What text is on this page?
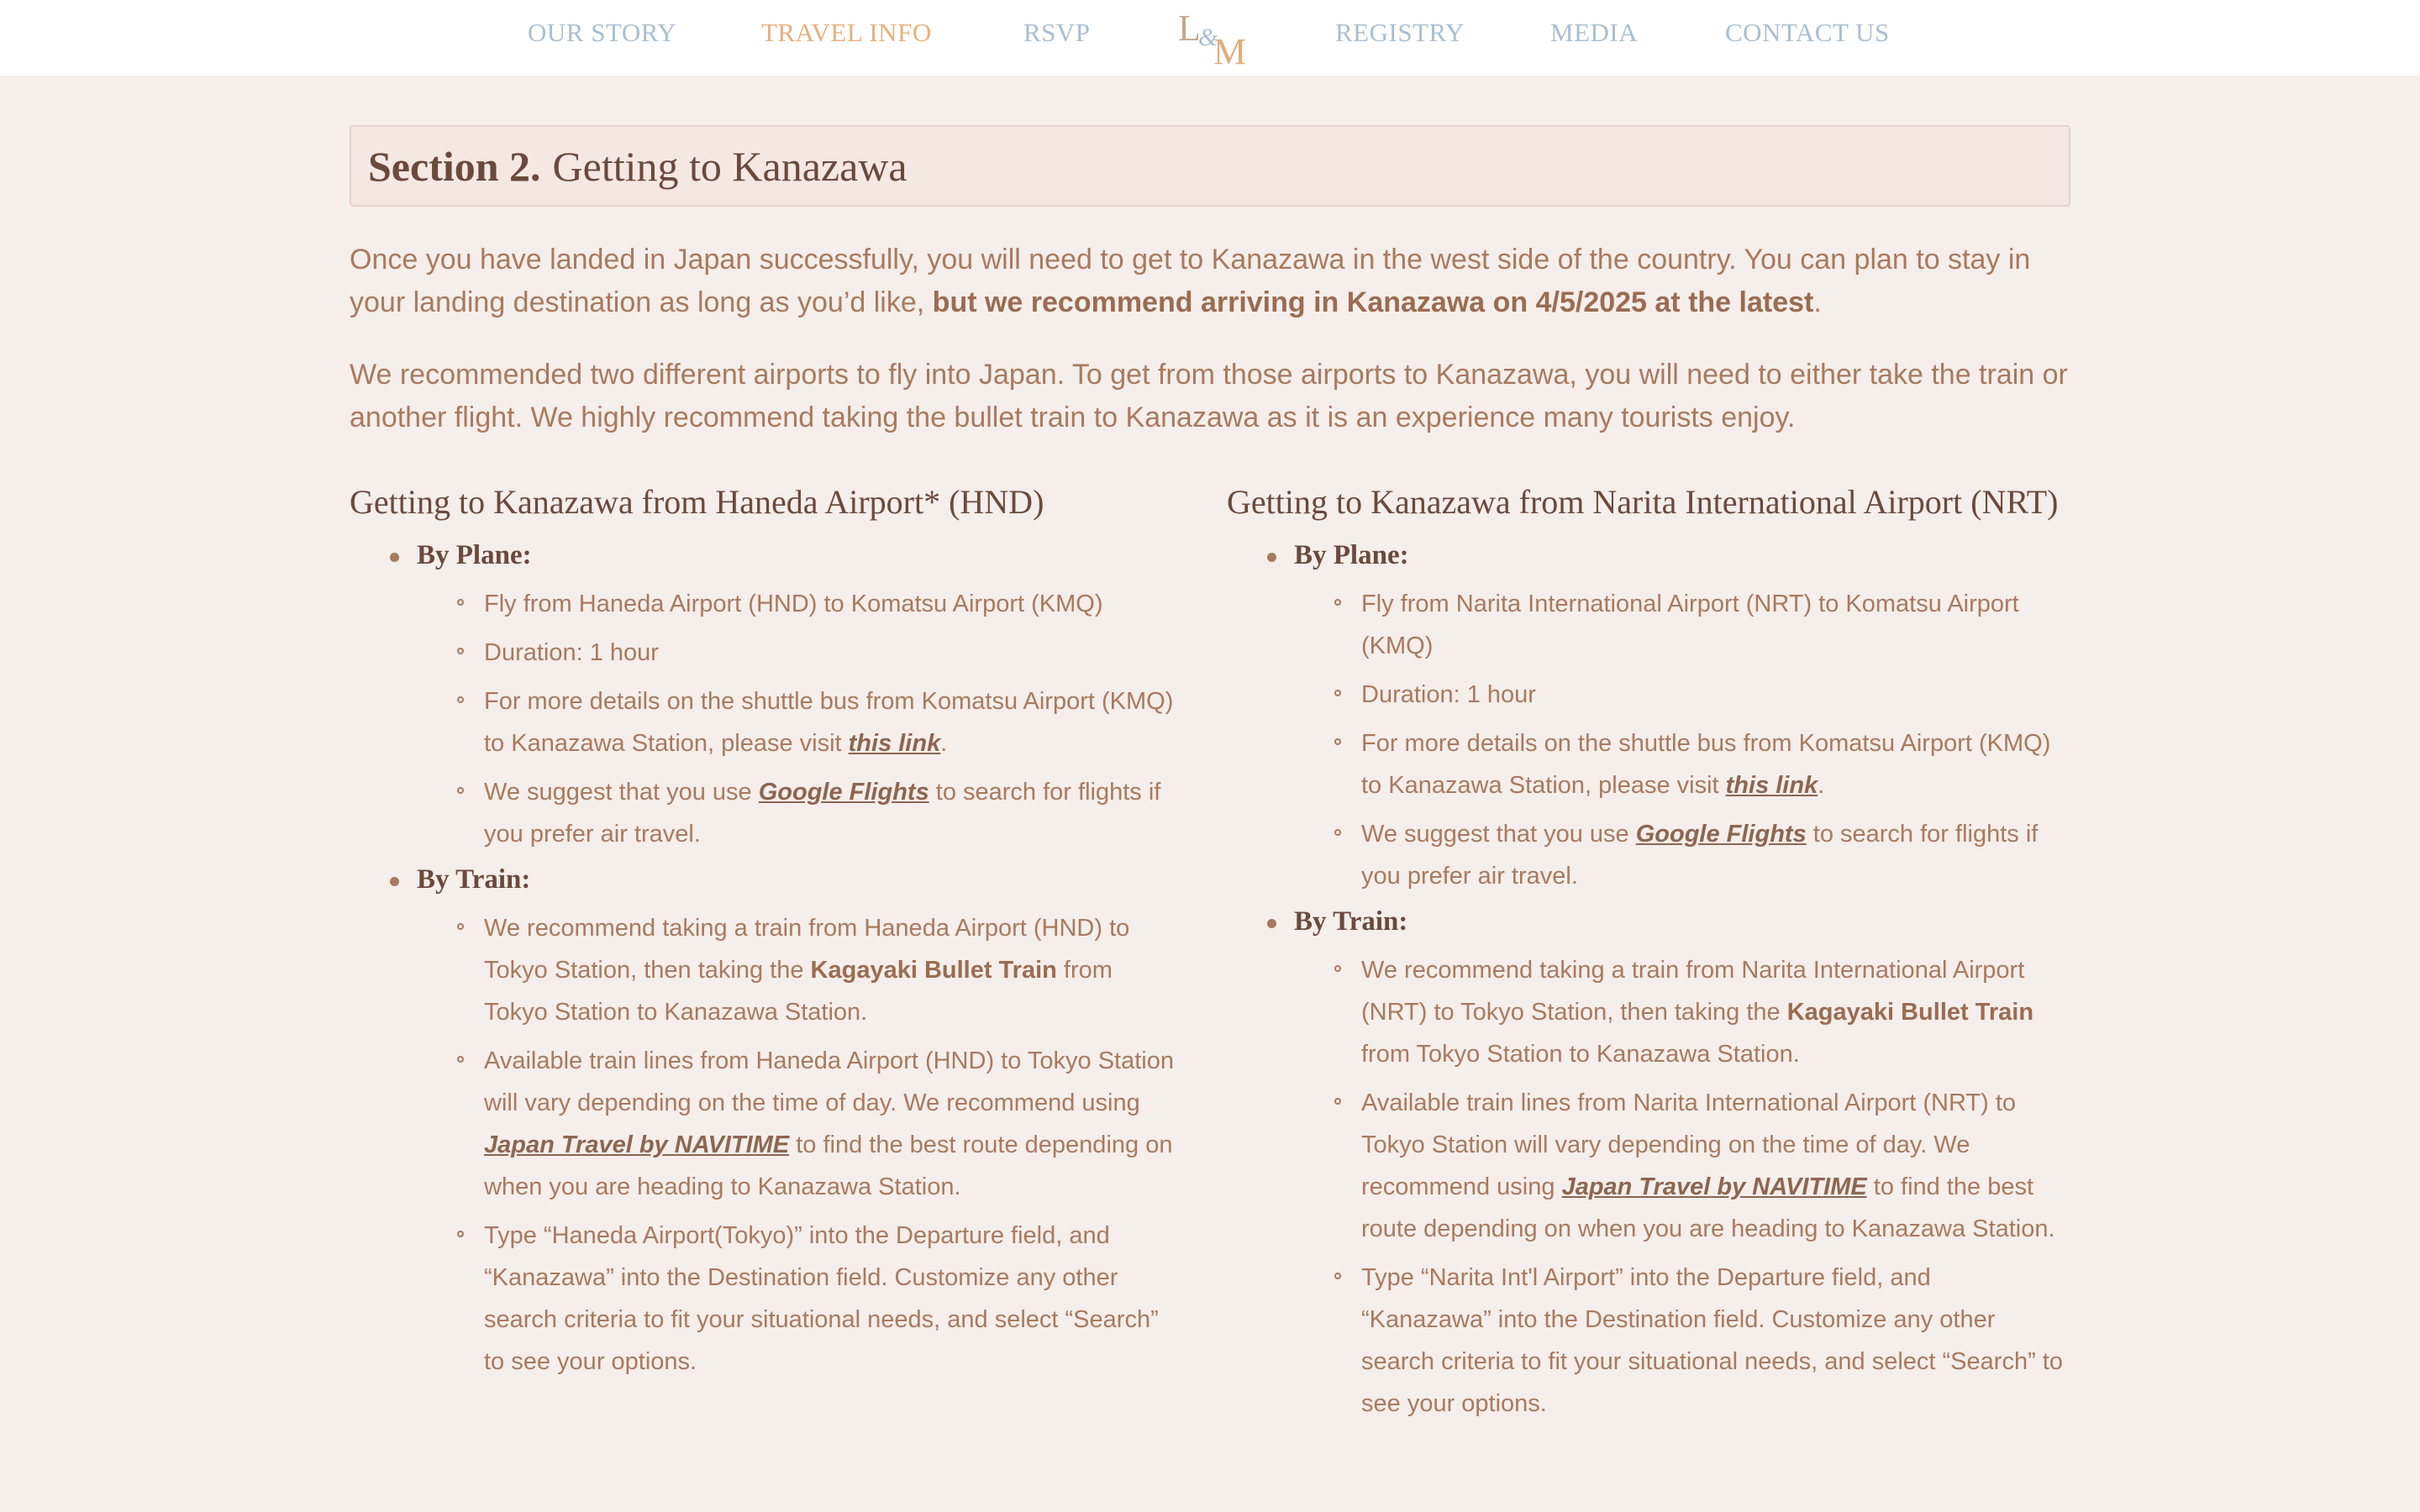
OUR STORY	TRAVEL INFO	RSVP L
&
M	REGISTRY	MEDIA	CONTACT US
Section 2. Getting to Kanazawa

Once you have landed in Japan successfully, you will need to get to Kanazawa in the west side of the country. You can plan to stay in your landing destination as long as you’d like, but we recommend arriving in Kanazawa on 4/5/2025 at the latest.

We recommended two different airports to fly into Japan. To get from those airports to Kanazawa, you will need to either take the train or another flight. We highly recommend taking the bullet train to Kanazawa as it is an experience many tourists enjoy.

Getting to Kanazawa from Haneda Airport* (HND)
By Plane:
Fly from Haneda Airport (HND) to Komatsu Airport (KMQ)
Duration: 1 hour
For more details on the shuttle bus from Komatsu Airport (KMQ) to Kanazawa Station, please visit this link.
We suggest that you use Google Flights to search for flights if you prefer air travel.
By Train:
We recommend taking a train from Haneda Airport (HND) to Tokyo Station, then taking the Kagayaki Bullet Train from Tokyo Station to Kanazawa Station.
Available train lines from Haneda Airport (HND) to Tokyo Station will vary depending on the time of day. We recommend using Japan Travel by NAVITIME to find the best route depending on when you are heading to Kanazawa Station.
Type “Haneda Airport(Tokyo)” into the Departure field, and “Kanazawa” into the Destination field. Customize any other search criteria to fit your situational needs, and select “Search” to see your options.
Getting to Kanazawa from Narita International Airport (NRT)
By Plane:
Fly from Narita International Airport (NRT) to Komatsu Airport (KMQ)
Duration: 1 hour
For more details on the shuttle bus from Komatsu Airport (KMQ) to Kanazawa Station, please visit this link.
We suggest that you use Google Flights to search for flights if you prefer air travel.
By Train:
We recommend taking a train from Narita International Airport (NRT) to Tokyo Station, then taking the Kagayaki Bullet Train from Tokyo Station to Kanazawa Station.
Available train lines from Narita International Airport (NRT) to Tokyo Station will vary depending on the time of day. We recommend using Japan Travel by NAVITIME to find the best route depending on when you are heading to Kanazawa Station.
Type “Narita Int'l Airport” into the Departure field, and “Kanazawa” into the Destination field. Customize any other search criteria to fit your situational needs, and select “Search” to see your options.
